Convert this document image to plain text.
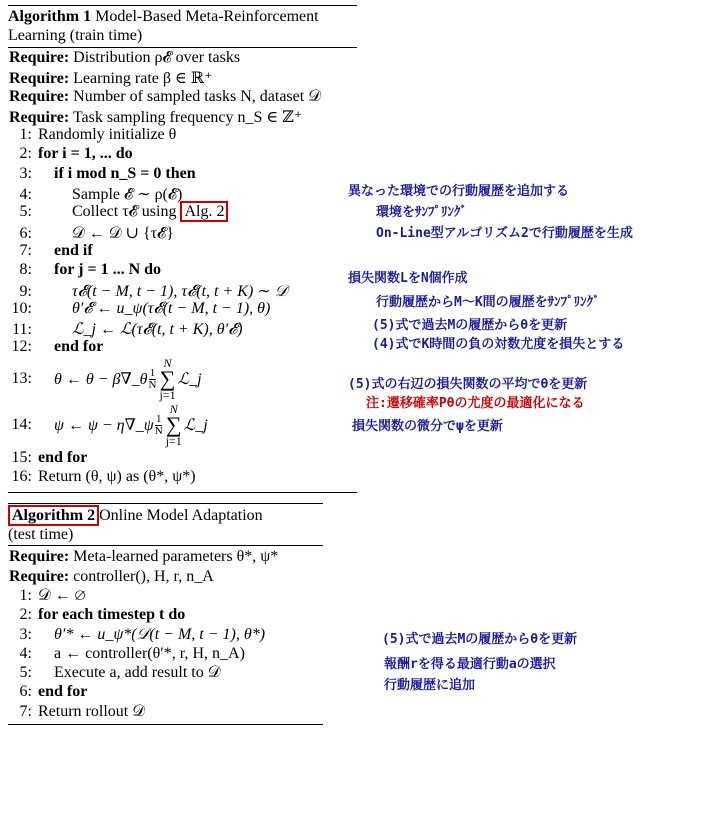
Algorithm 1 Model-Based Meta-Reinforcement
Learning (train time)
Require: Distribution ρ𝓔 over tasks
Require: Learning rate β ∈ ℝ⁺
Require: Number of sampled tasks N, dataset 𝒟
Require: Task sampling frequency n_S ∈ ℤ⁺
1: Randomly initialize θ
2: for i = 1, ... do
3: if i mod n_S = 0 then
4:	Sample 𝓔 ∼ ρ(𝓔)
5:	Collect τ𝓔 using Alg. 2
6:	𝒟 ← 𝒟 ∪ {τ𝓔}
7: end if
8: for j = 1 ... N do
9:	τ𝓔(t − M, t − 1), τ𝓔(t, t + K) ∼ 𝒟
10:	θ′𝓔 ← u_ψ(τ𝓔(t − M, t − 1), θ)
11:	ℒ_j ← ℒ(τ𝓔(t, t + K), θ′𝓔)
12: end for
13: θ ← θ − β∇_θ $\frac{1}{N}$
N
∑
j=1
ℒ_j
14: ψ ← ψ − η∇_ψ $\frac{1}{N}$
N
∑
j=1
ℒ_j
15: end for
16: Return (θ, ψ) as (θ*, ψ*)
Algorithm 2 Online Model Adaptation
(test time)
Require: Meta-learned parameters θ*, ψ*
Require: controller(), H, r, n_A
1: 𝒟 ← ∅
2: for each timestep t do
3: θ′* ← u_ψ*(𝒟(t − M, t − 1), θ*)
4: a ← controller(θ′*, r, H, n_A)
5: Execute a, add result to 𝒟
6: end for
7: Return rollout 𝒟
異なった環境での行動履歴を追加する
環境をｻﾝﾌﾟﾘﾝｸﾞ
On-Line型アルゴリズム2で行動履歴を生成
損失関数LをN個作成
行動履歴からM～K間の履歴をｻﾝﾌﾟﾘﾝｸﾞ
(5)式で過去Mの履歴からθを更新
(4)式でK時間の負の対数尤度を損失とする
(5)式の右辺の損失関数の平均でθを更新
注:遷移確率Pθの尤度の最適化になる
損失関数の微分でψを更新
(5)式で過去Mの履歴からθを更新
報酬rを得る最適行動aの選択
行動履歴に追加
